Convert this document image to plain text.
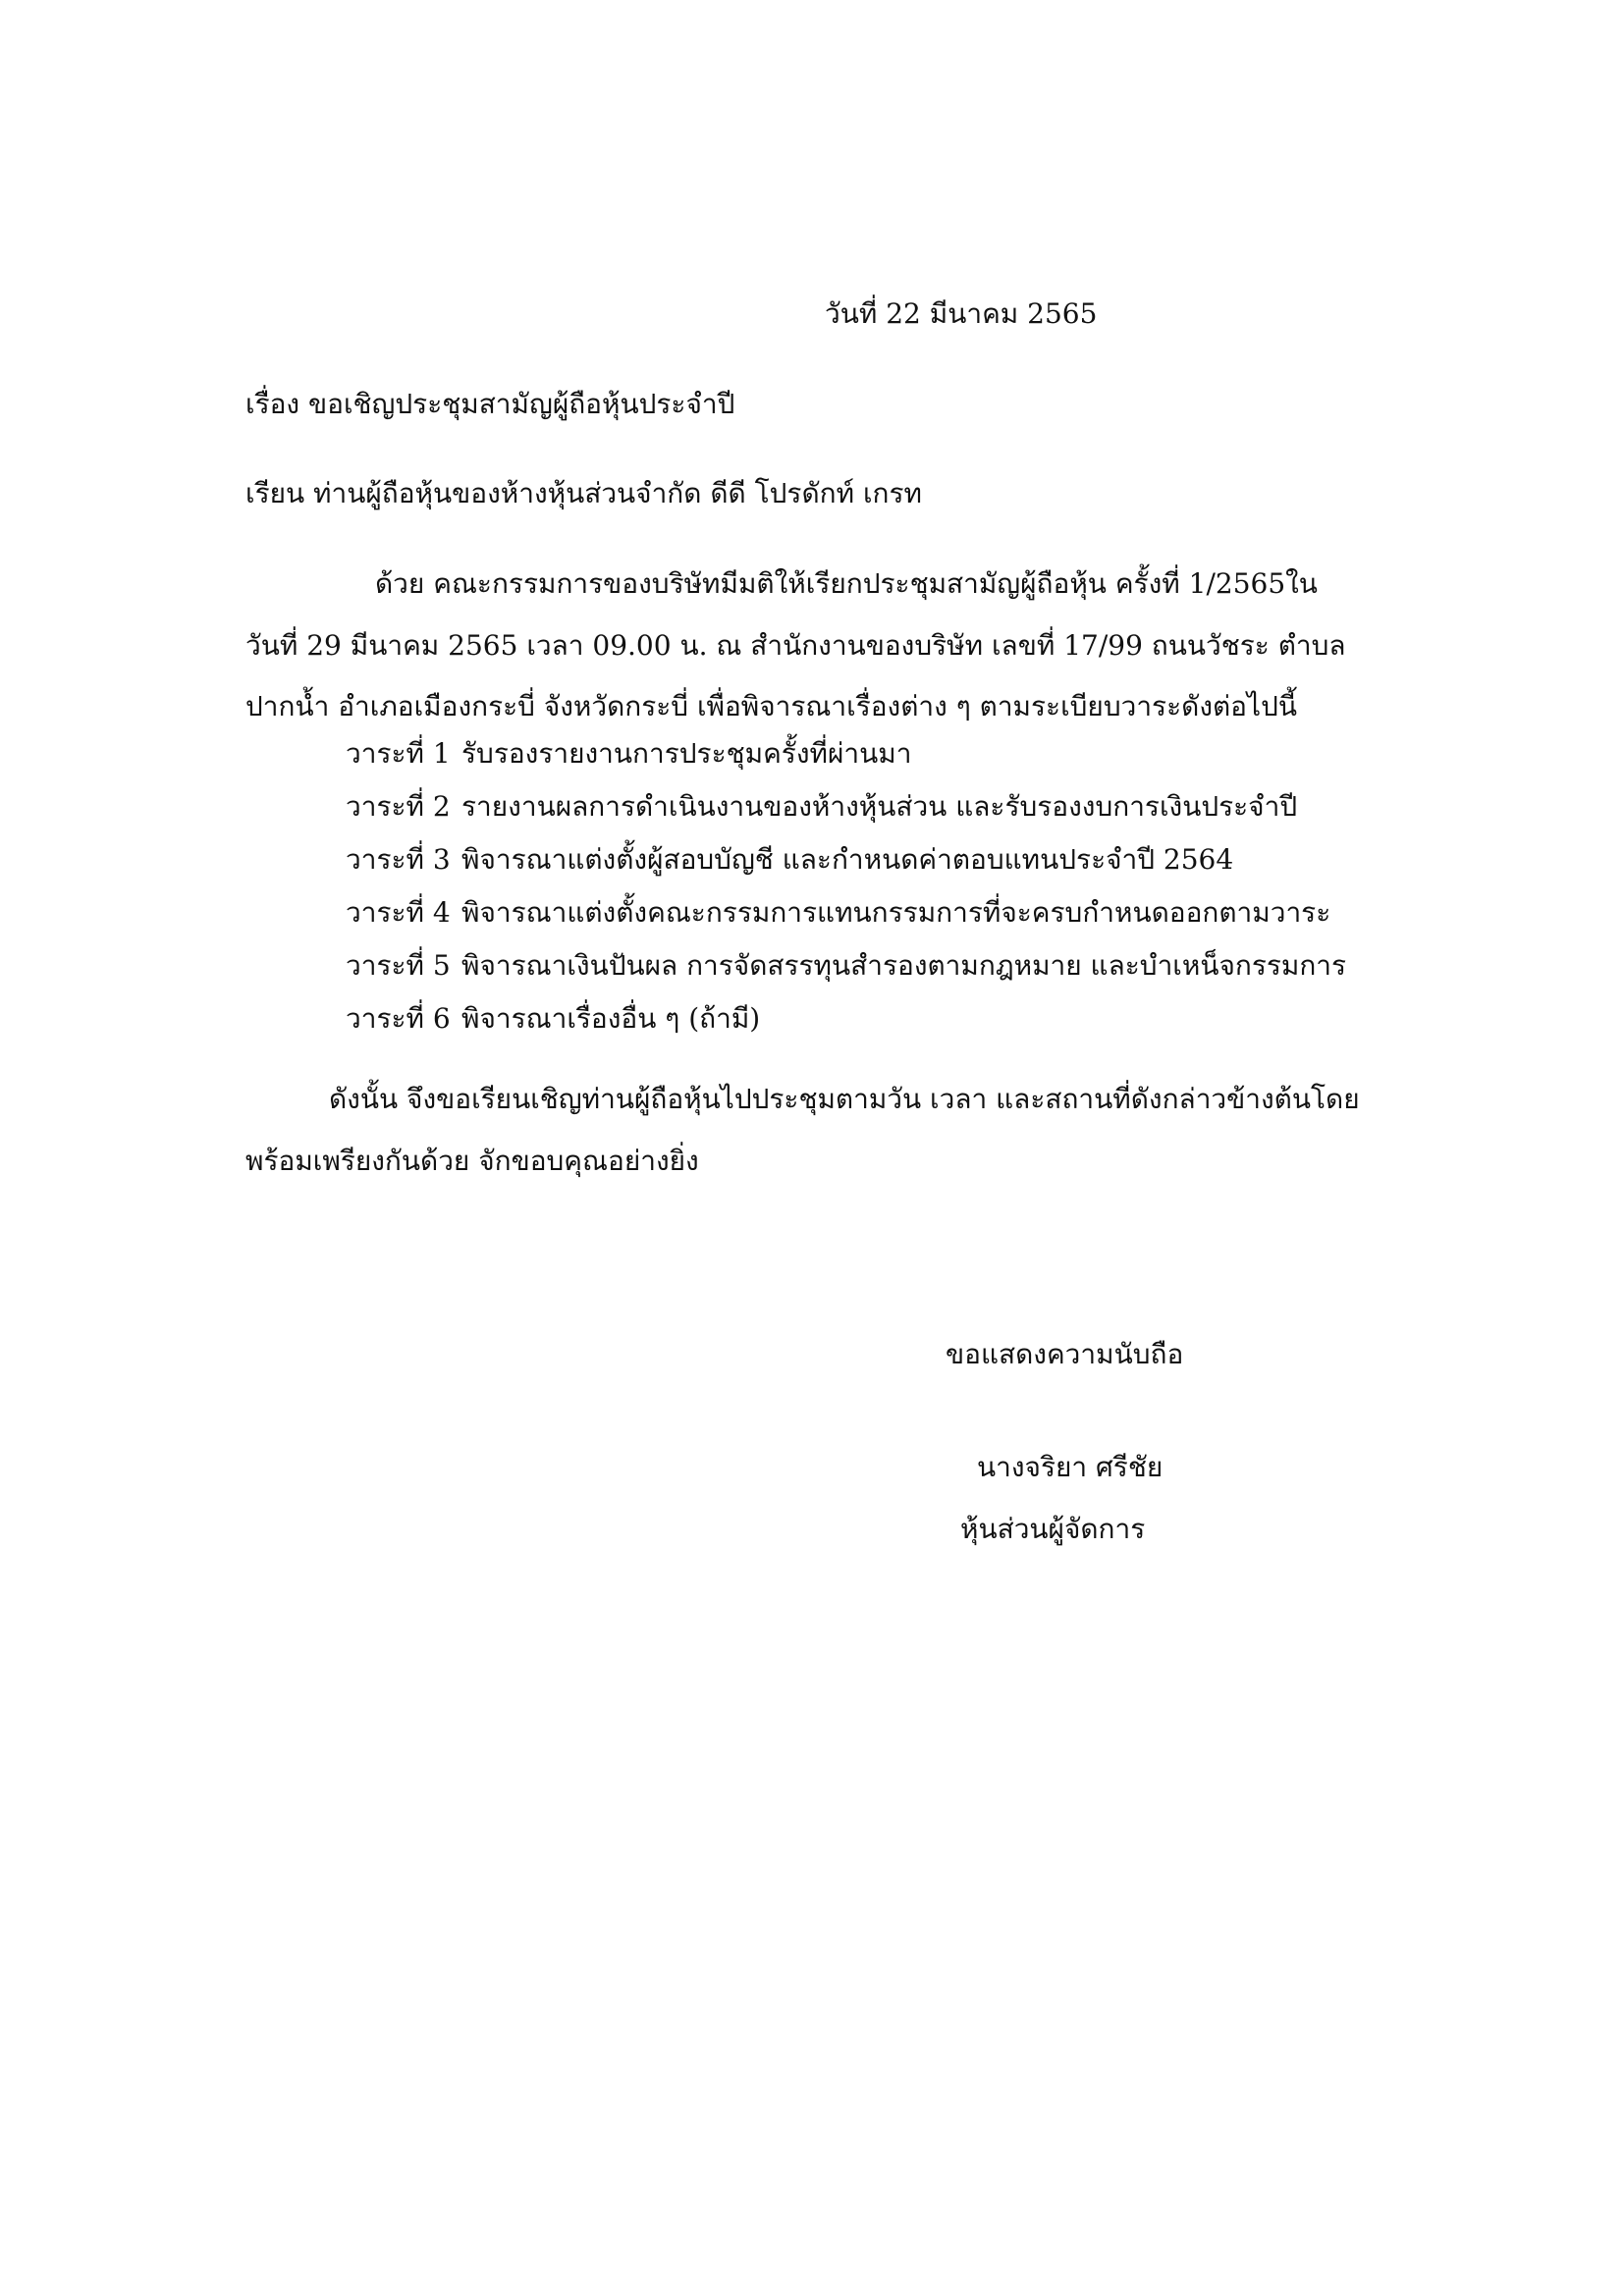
วันที่ 22 มีนาคม 2565
เรื่อง ขอเชิญประชุมสามัญผู้ถือหุ้นประจำปี
เรียน ท่านผู้ถือหุ้นของห้างหุ้นส่วนจำกัด ดีดี โปรดักท์ เกรท
ด้วย คณะกรรมการของบริษัทมีมติให้เรียกประชุมสามัญผู้ถือหุ้น ครั้งที่ 1/2565ใน
วันที่ 29 มีนาคม 2565 เวลา 09.00 น. ณ สำนักงานของบริษัท เลขที่ 17/99 ถนนวัชระ ตำบล
ปากน้ำ อำเภอเมืองกระบี่ จังหวัดกระบี่ เพื่อพิจารณาเรื่องต่าง ๆ ตามระเบียบวาระดังต่อไปนี้
วาระที่ 1 รับรองรายงานการประชุมครั้งที่ผ่านมา
วาระที่ 2 รายงานผลการดำเนินงานของห้างหุ้นส่วน และรับรองงบการเงินประจำปี
วาระที่ 3 พิจารณาแต่งตั้งผู้สอบบัญชี และกำหนดค่าตอบแทนประจำปี 2564
วาระที่ 4 พิจารณาแต่งตั้งคณะกรรมการแทนกรรมการที่จะครบกำหนดออกตามวาระ
วาระที่ 5 พิจารณาเงินปันผล การจัดสรรทุนสำรองตามกฎหมาย และบำเหน็จกรรมการ
วาระที่ 6 พิจารณาเรื่องอื่น ๆ (ถ้ามี)
ดังนั้น จึงขอเรียนเชิญท่านผู้ถือหุ้นไปประชุมตามวัน เวลา และสถานที่ดังกล่าวข้างต้นโดย
พร้อมเพรียงกันด้วย จักขอบคุณอย่างยิ่ง
ขอแสดงความนับถือ
นางจริยา ศรีชัย
หุ้นส่วนผู้จัดการ
